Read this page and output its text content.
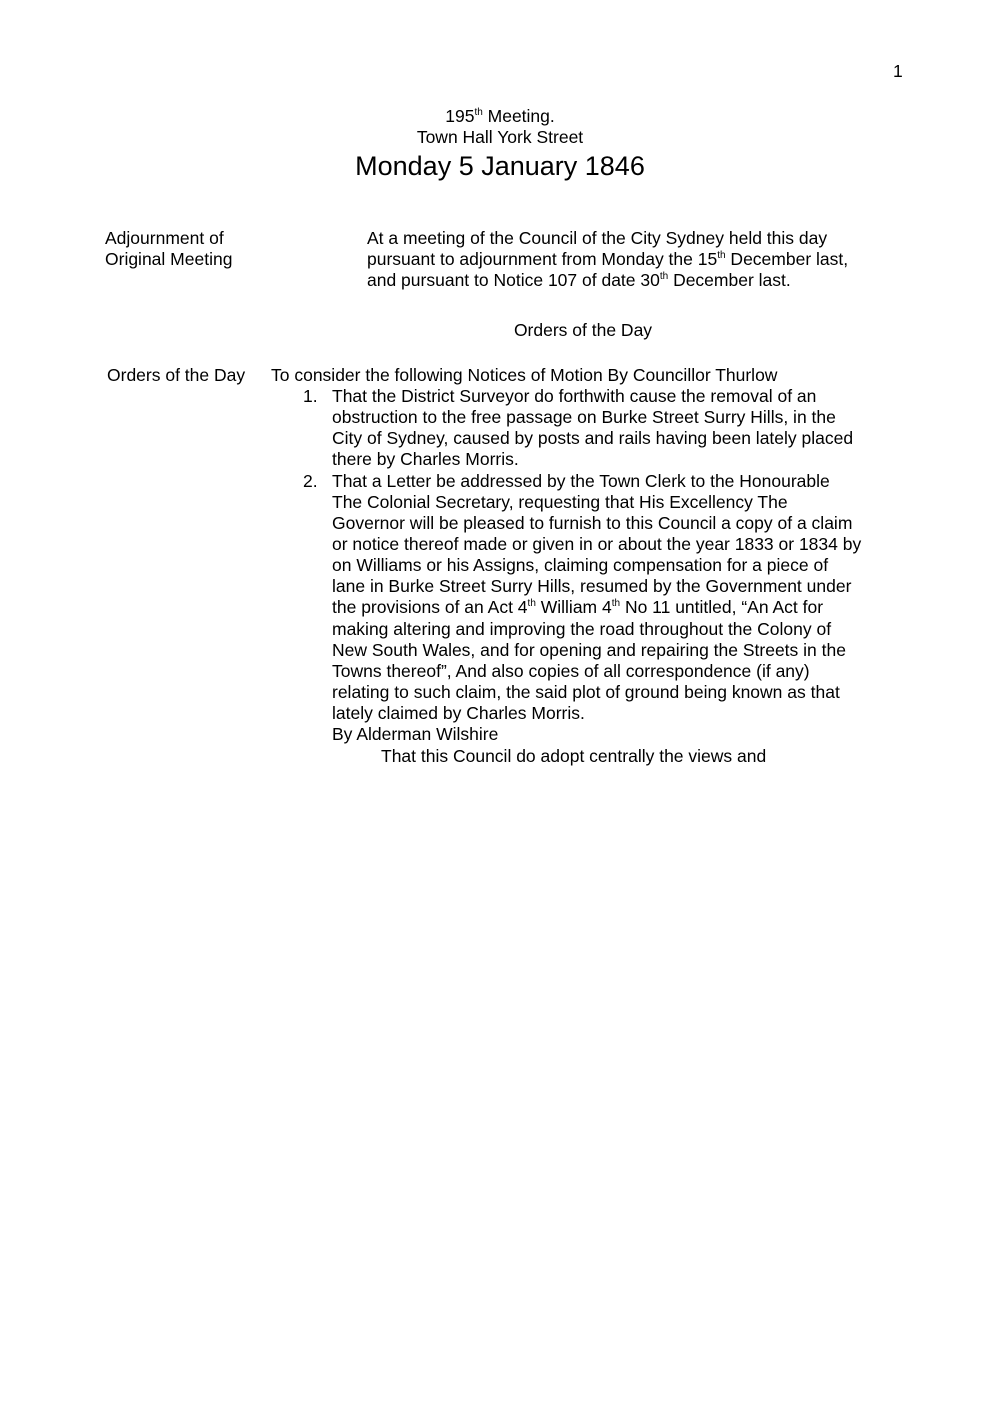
1
195th Meeting.
Town Hall York Street
Monday 5 January 1846
Adjournment of
Original Meeting
At a meeting of the Council of the City Sydney held this day
pursuant to adjournment from Monday the 15th December last,
and pursuant to Notice 107 of date 30th December last.
Orders of the Day
Orders of the Day To consider the following Notices of Motion By Councillor Thurlow
1. That the District Surveyor do forthwith cause the removal of an
obstruction to the free passage on Burke Street Surry Hills, in the
City of Sydney, caused by posts and rails having been lately placed
there by Charles Morris.
2. That a Letter be addressed by the Town Clerk to the Honourable
The Colonial Secretary, requesting that His Excellency The
Governor will be pleased to furnish to this Council a copy of a claim
or notice thereof made or given in or about the year 1833 or 1834 by
on Williams or his Assigns, claiming compensation for a piece of
lane in Burke Street Surry Hills, resumed by the Government under
the provisions of an Act 4th William 4th No 11 untitled, “An Act for
making altering and improving the road throughout the Colony of
New South Wales, and for opening and repairing the Streets in the
Towns thereof”, And also copies of all correspondence (if any)
relating to such claim, the said plot of ground being known as that
lately claimed by Charles Morris.
By Alderman Wilshire
That this Council do adopt centrally the views and
